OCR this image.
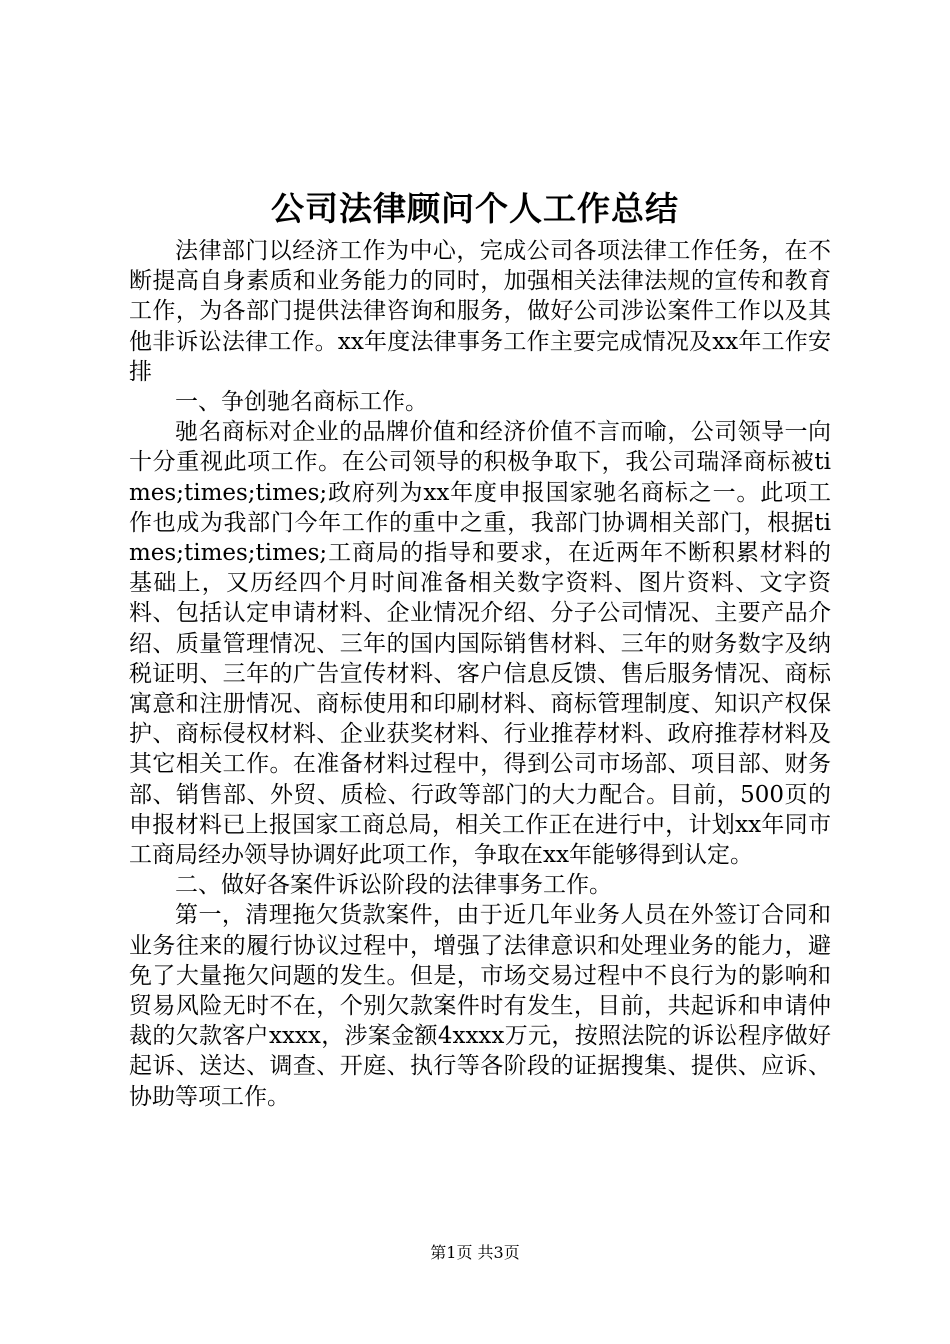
公司法律顾问个人工作总结

法律部门以经济工作为中心，完成公司各项法律工作任务，在不断提高自身素质和业务能力的同时，加强相关法律法规的宣传和教育工作，为各部门提供法律咨询和服务，做好公司涉讼案件工作以及其他非诉讼法律工作。xx年度法律事务工作主要完成情况及xx年工作安排

一、争创驰名商标工作。

驰名商标对企业的品牌价值和经济价值不言而喻，公司领导一向十分重视此项工作。在公司领导的积极争取下，我公司瑞泽商标被times;times;times;政府列为xx年度申报国家驰名商标之一。此项工作也成为我部门今年工作的重中之重，我部门协调相关部门，根据times;times;times;工商局的指导和要求，在近两年不断积累材料的基础上，又历经四个月时间准备相关数字资料、图片资料、文字资料、包括认定申请材料、企业情况介绍、分子公司情况、主要产品介绍、质量管理情况、三年的国内国际销售材料、三年的财务数字及纳税证明、三年的广告宣传材料、客户信息反馈、售后服务情况、商标寓意和注册情况、商标使用和印刷材料、商标管理制度、知识产权保护、商标侵权材料、企业获奖材料、行业推荐材料、政府推荐材料及其它相关工作。在准备材料过程中，得到公司市场部、项目部、财务部、销售部、外贸、质检、行政等部门的大力配合。目前，500页的申报材料已上报国家工商总局，相关工作正在进行中，计划xx年同市工商局经办领导协调好此项工作，争取在xx年能够得到认定。

二、做好各案件诉讼阶段的法律事务工作。

第一，清理拖欠货款案件，由于近几年业务人员在外签订合同和业务往来的履行协议过程中，增强了法律意识和处理业务的能力，避免了大量拖欠问题的发生。但是，市场交易过程中不良行为的影响和贸易风险无时不在，个别欠款案件时有发生，目前，共起诉和申请仲裁的欠款客户xxxx，涉案金额4xxxx万元，按照法院的诉讼程序做好起诉、送达、调查、开庭、执行等各阶段的证据搜集、提供、应诉、协助等项工作。

第1页 共3页
